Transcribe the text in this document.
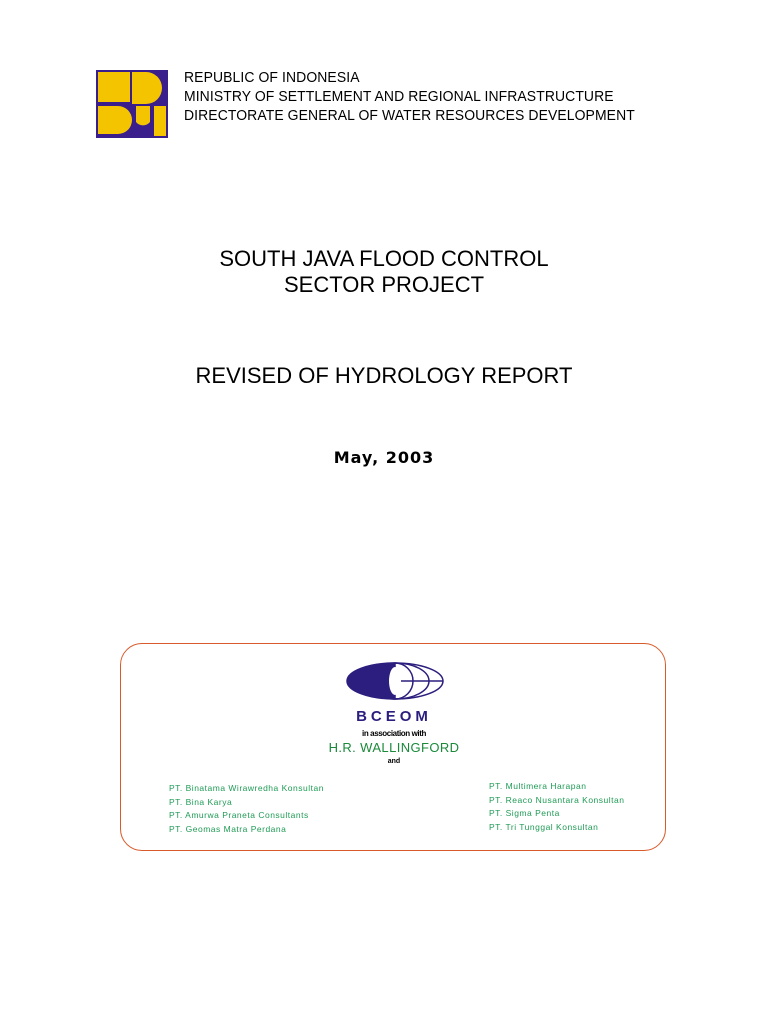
REPUBLIC OF INDONESIA
MINISTRY OF SETTLEMENT AND REGIONAL INFRASTRUCTURE
DIRECTORATE GENERAL OF WATER RESOURCES DEVELOPMENT
SOUTH JAVA FLOOD CONTROL
SECTOR PROJECT
REVISED OF HYDROLOGY REPORT
May, 2003
BCEOM
in association with
H.R. WALLINGFORD
and
PT. Binatama Wirawredha Konsultan
PT. Bina Karya
PT. Amurwa Praneta Consultants
PT. Geomas Matra Perdana
PT. Multimera Harapan
PT. Reaco Nusantara Konsultan
PT. Sigma Penta
PT. Tri Tunggal Konsultan
